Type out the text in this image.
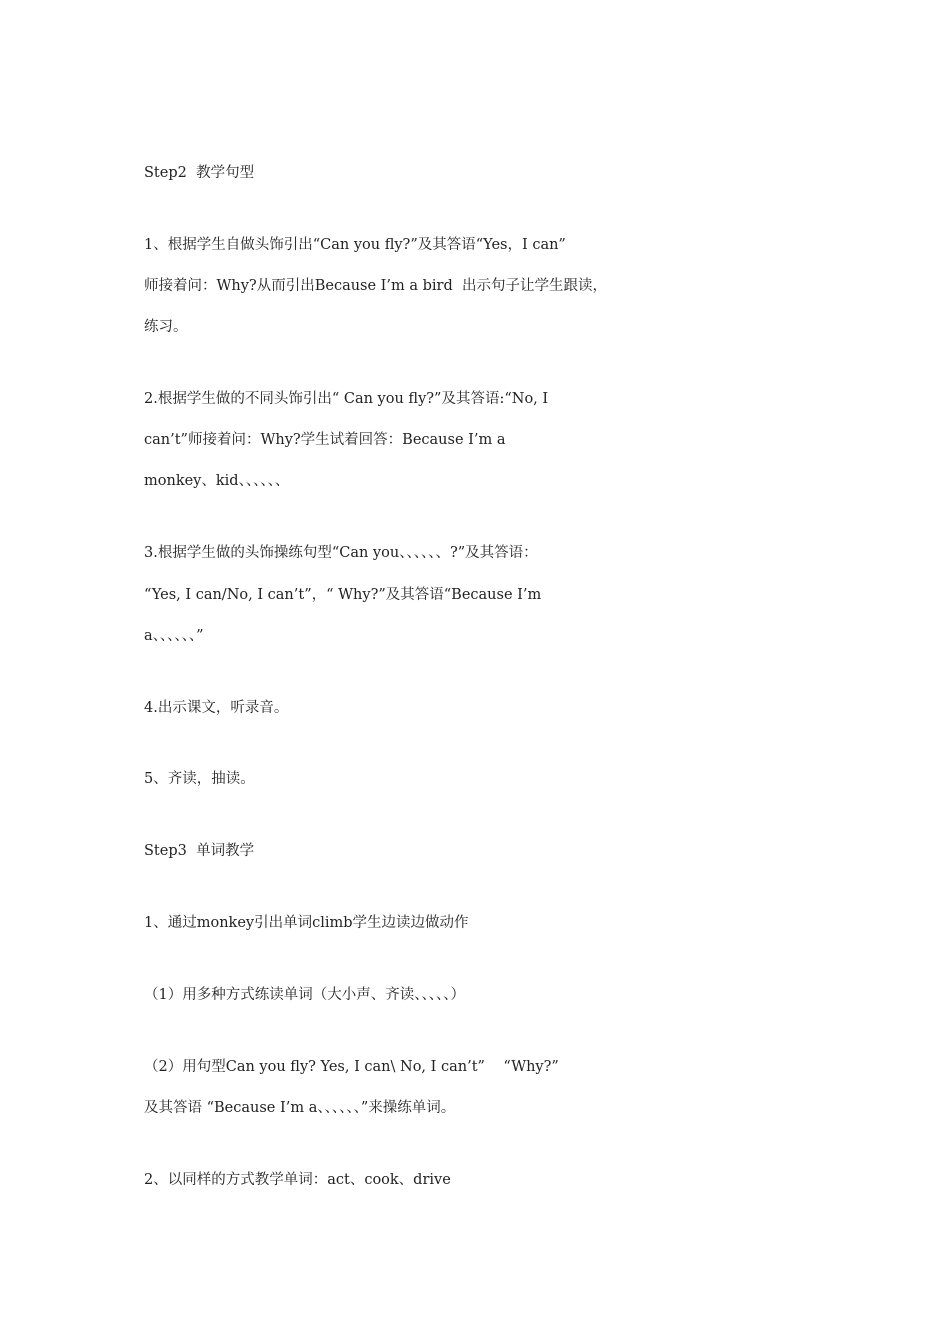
Step2  教学句型

1、根据学生自做头饰引出“Can you fly?”及其答语“Yes，I can”

师接着问：Why?从而引出Because I’m a bird  出示句子让学生跟读，

练习。

2.根据学生做的不同头饰引出“ Can you fly?”及其答语:“No, I

can’t”师接着问：Why?学生试着回答：Because I’m a

monkey、kid、、、、、、

3.根据学生做的头饰操练句型“Can you、、、、、、?”及其答语：

“Yes, I can/No, I can’t”，“ Why?”及其答语“Because I’m

a、、、、、、”

4.出示课文，听录音。

5、齐读，抽读。

Step3  单词教学

1、通过monkey引出单词climb学生边读边做动作

（1）用多种方式练读单词（大小声、齐读、、、、、）

（2）用句型Can you fly? Yes, I can\ No, I can’t”    “Why?”

及其答语 “Because I’m a、、、、、、”来操练单词。

2、以同样的方式教学单词：act、cook、drive
